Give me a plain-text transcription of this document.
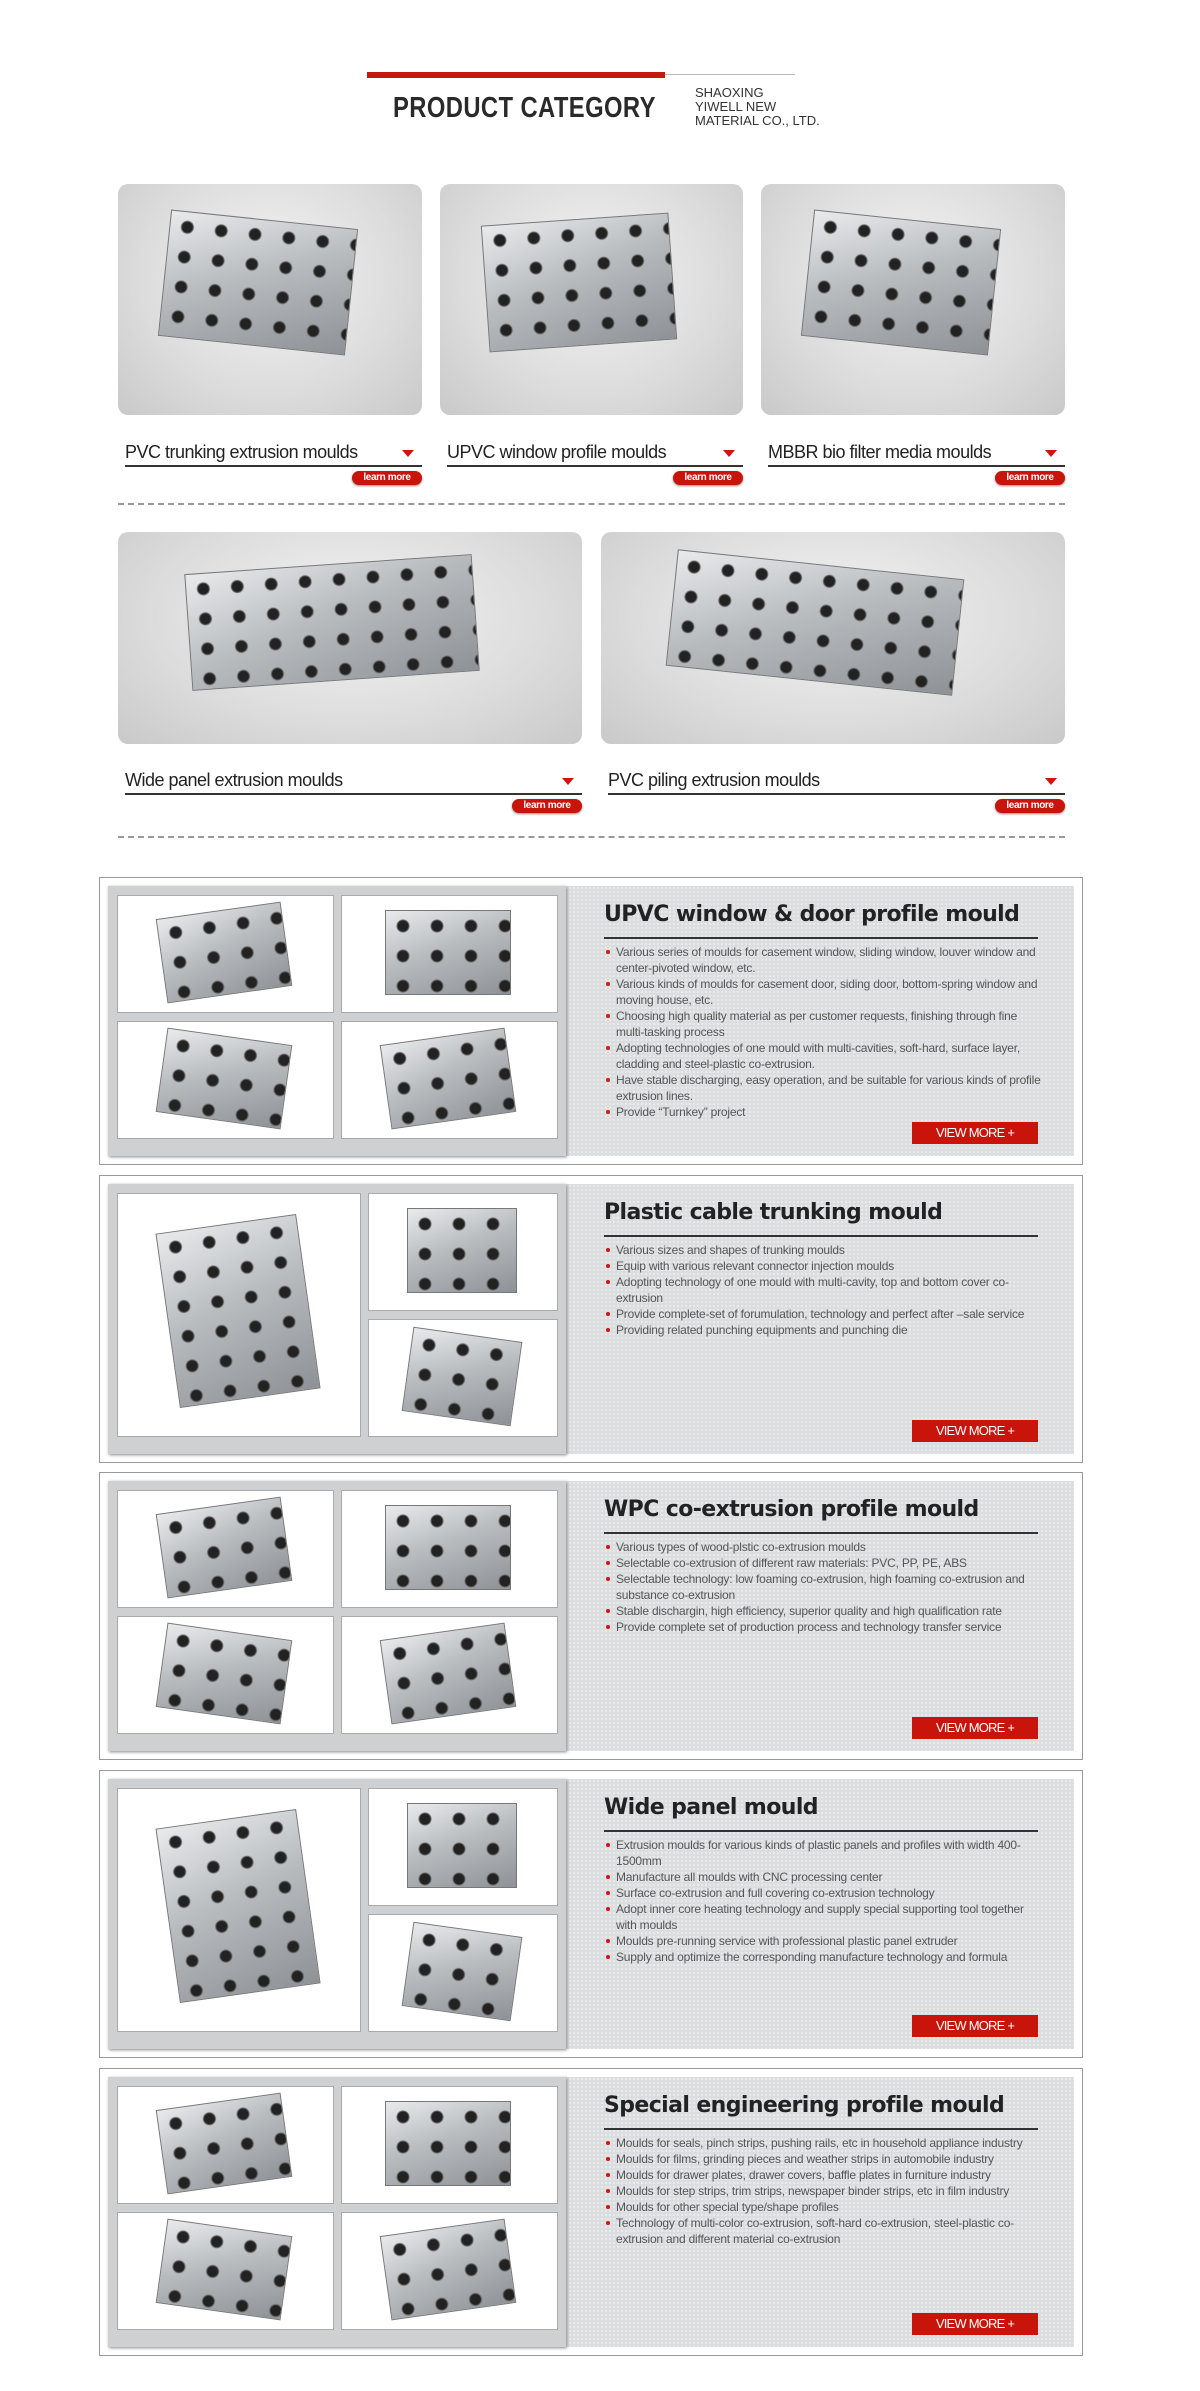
PRODUCT CATEGORY	SHAOXING
YIWELL NEW
MATERIAL CO., LTD.
PVC trunking extrusion moulds
learn more
UPVC window profile moulds
learn more
MBBR bio filter media moulds
learn more
Wide panel extrusion moulds
learn more
PVC piling extrusion moulds
learn more
UPVC window & door profile mould
Various series of moulds for casement window, sliding window, louver window and center-pivoted window, etc.
Various kinds of moulds for casement door, siding door, bottom-spring window and moving house, etc.
Choosing high quality material as per customer requests, finishing through fine multi-tasking process
Adopting technologies of one mould with multi-cavities, soft-hard, surface layer, cladding and steel-plastic co-extrusion.
Have stable discharging, easy operation, and be suitable for various kinds of profile extrusion lines.
Provide “Turnkey” project
VIEW MORE +
Plastic cable trunking mould
Various sizes and shapes of trunking moulds
Equip with various relevant connector injection moulds
Adopting technology of one mould with multi-cavity, top and bottom cover co-extrusion
Provide complete-set of forumulation, technology and perfect after –sale service
Providing related punching equipments and punching die
VIEW MORE +
WPC co-extrusion profile mould
Various types of wood-plstic co-extrusion moulds
Selectable co-extrusion of different raw materials: PVC, PP, PE, ABS
Selectable technology: low foaming co-extrusion, high foaming co-extrusion and substance co-extrusion
Stable dischargin, high efficiency, superior quality and high qualification rate
Provide complete set of production process and technology transfer service
VIEW MORE +
Wide panel mould
Extrusion moulds for various kinds of plastic panels and profiles with width 400-1500mm
Manufacture all moulds with CNC processing center
Surface co-extrusion and full covering co-extrusion technology
Adopt inner core heating technology and supply special supporting tool together with moulds
Moulds pre-running service with professional plastic panel extruder
Supply and optimize the corresponding manufacture technology and formula
VIEW MORE +
Special engineering profile mould
Moulds for seals, pinch strips, pushing rails, etc in household appliance industry
Moulds for films, grinding pieces and weather strips in automobile industry
Moulds for drawer plates, drawer covers, baffle plates in furniture industry
Moulds for step strips, trim strips, newspaper binder strips, etc in film industry
Moulds for other special type/shape profiles
Technology of multi-color co-extrusion, soft-hard co-extrusion, steel-plastic co-extrusion and different material co-extrusion
VIEW MORE +
